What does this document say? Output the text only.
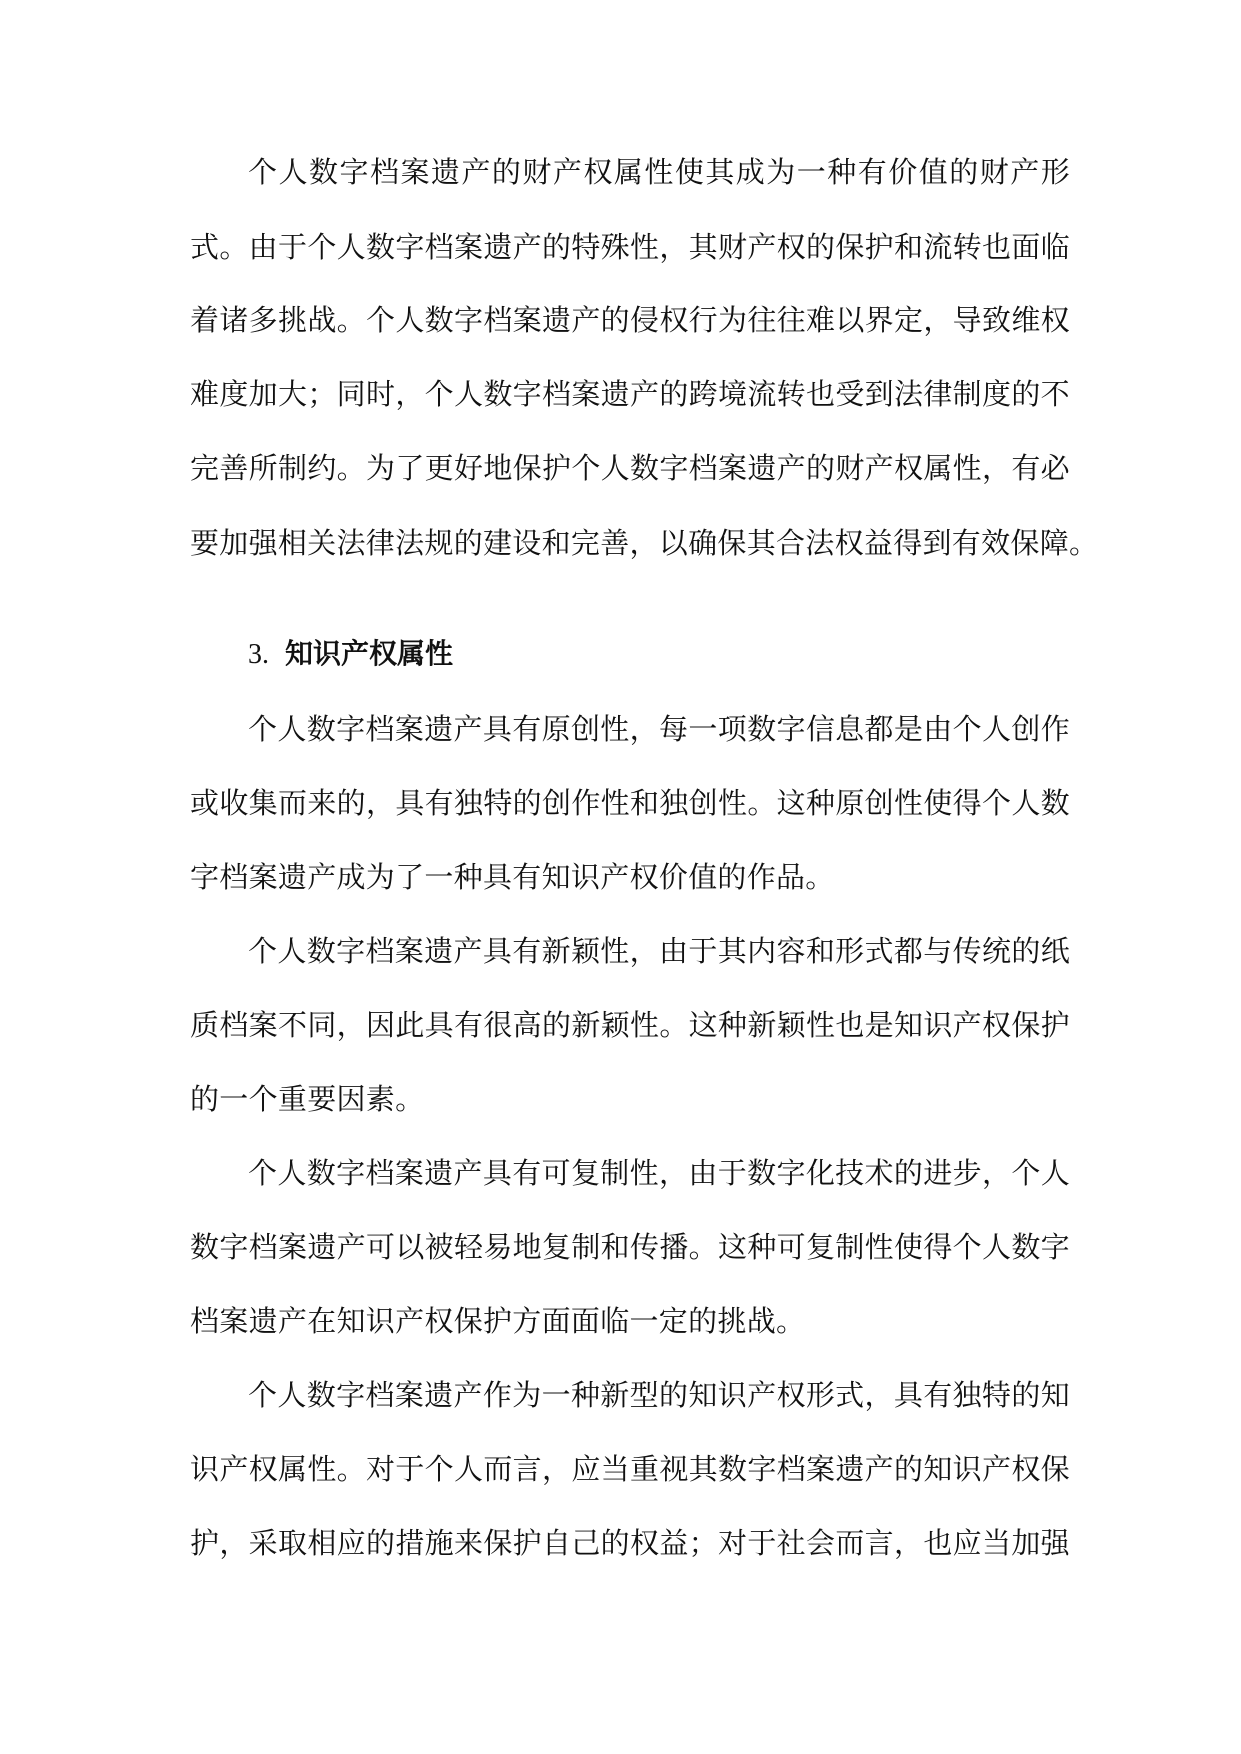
个人数字档案遗产的财产权属性使其成为一种有价值的财产形
式。由于个人数字档案遗产的特殊性，其财产权的保护和流转也面临
着诸多挑战。个人数字档案遗产的侵权行为往往难以界定，导致维权
难度加大；同时，个人数字档案遗产的跨境流转也受到法律制度的不
完善所制约。为了更好地保护个人数字档案遗产的财产权属性，有必
要加强相关法律法规的建设和完善，以确保其合法权益得到有效保障。
3. 知识产权属性
个人数字档案遗产具有原创性，每一项数字信息都是由个人创作
或收集而来的，具有独特的创作性和独创性。这种原创性使得个人数
字档案遗产成为了一种具有知识产权价值的作品。
个人数字档案遗产具有新颖性，由于其内容和形式都与传统的纸
质档案不同，因此具有很高的新颖性。这种新颖性也是知识产权保护
的一个重要因素。
个人数字档案遗产具有可复制性，由于数字化技术的进步，个人
数字档案遗产可以被轻易地复制和传播。这种可复制性使得个人数字
档案遗产在知识产权保护方面面临一定的挑战。
个人数字档案遗产作为一种新型的知识产权形式，具有独特的知
识产权属性。对于个人而言，应当重视其数字档案遗产的知识产权保
护，采取相应的措施来保护自己的权益；对于社会而言，也应当加强
